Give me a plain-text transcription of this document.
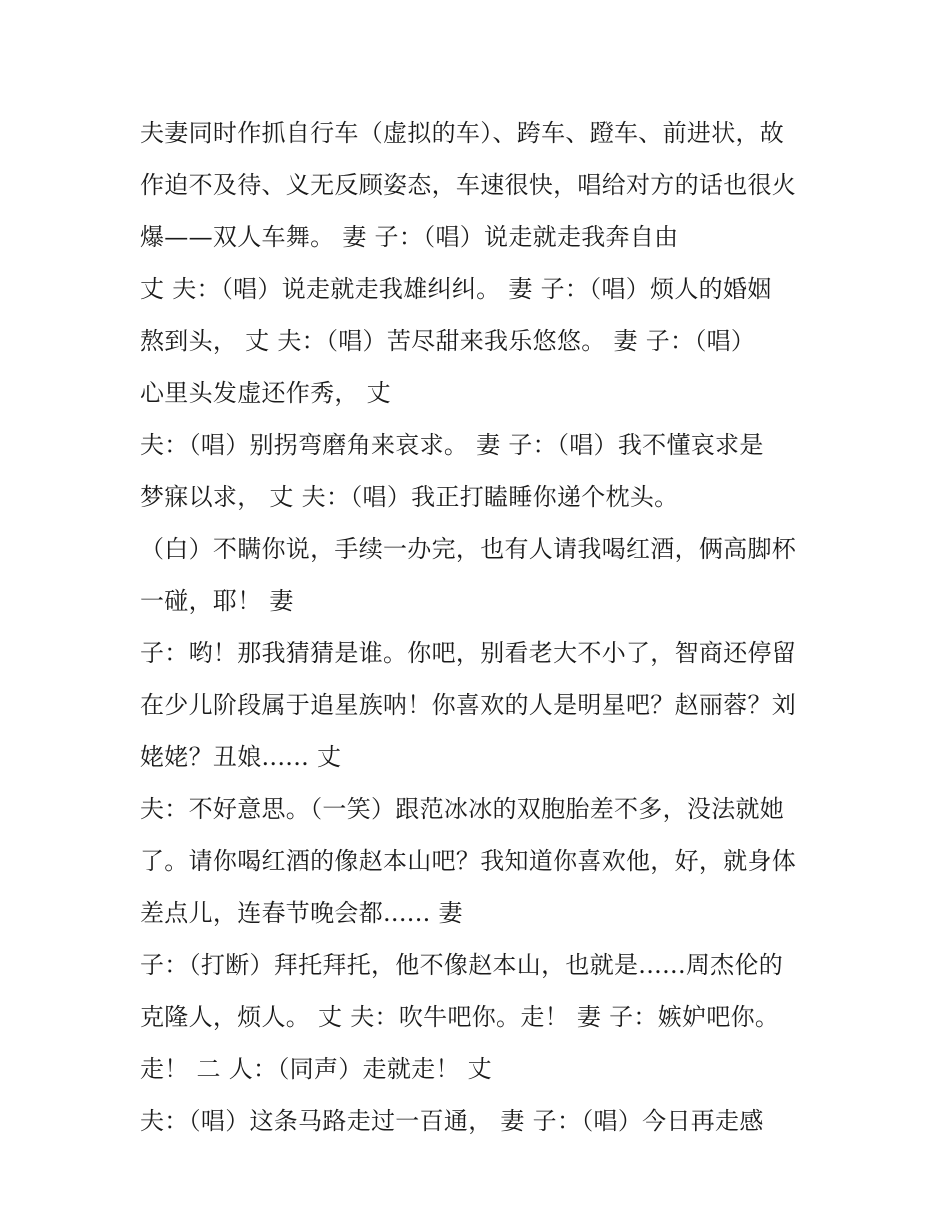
夫妻同时作抓自行车（虚拟的车）、跨车、蹬车、前进状，故
作迫不及待、义无反顾姿态，车速很快，唱给对方的话也很火
爆——双人车舞。 妻 子：（唱）说走就走我奔自由
丈 夫：（唱）说走就走我雄纠纠。 妻 子：（唱）烦人的婚姻
熬到头， 丈 夫：（唱）苦尽甜来我乐悠悠。 妻 子：（唱）
心里头发虚还作秀， 丈
夫：（唱）别拐弯磨角来哀求。 妻 子：（唱）我不懂哀求是
梦寐以求， 丈 夫：（唱）我正打瞌睡你递个枕头。
（白）不瞒你说，手续一办完，也有人请我喝红酒，俩高脚杯
一碰，耶！ 妻
子：哟！那我猜猜是谁。你吧，别看老大不小了，智商还停留
在少儿阶段属于追星族呐！你喜欢的人是明星吧？赵丽蓉？刘
姥姥？丑娘...... 丈
夫：不好意思。（一笑）跟范冰冰的双胞胎差不多，没法就她
了。请你喝红酒的像赵本山吧？我知道你喜欢他，好，就身体
差点儿，连春节晚会都...... 妻
子：（打断）拜托拜托，他不像赵本山，也就是......周杰伦的
克隆人，烦人。 丈 夫：吹牛吧你。走！ 妻 子：嫉妒吧你。
走！ 二 人：（同声）走就走！ 丈
夫：（唱）这条马路走过一百通， 妻 子：（唱）今日再走感
